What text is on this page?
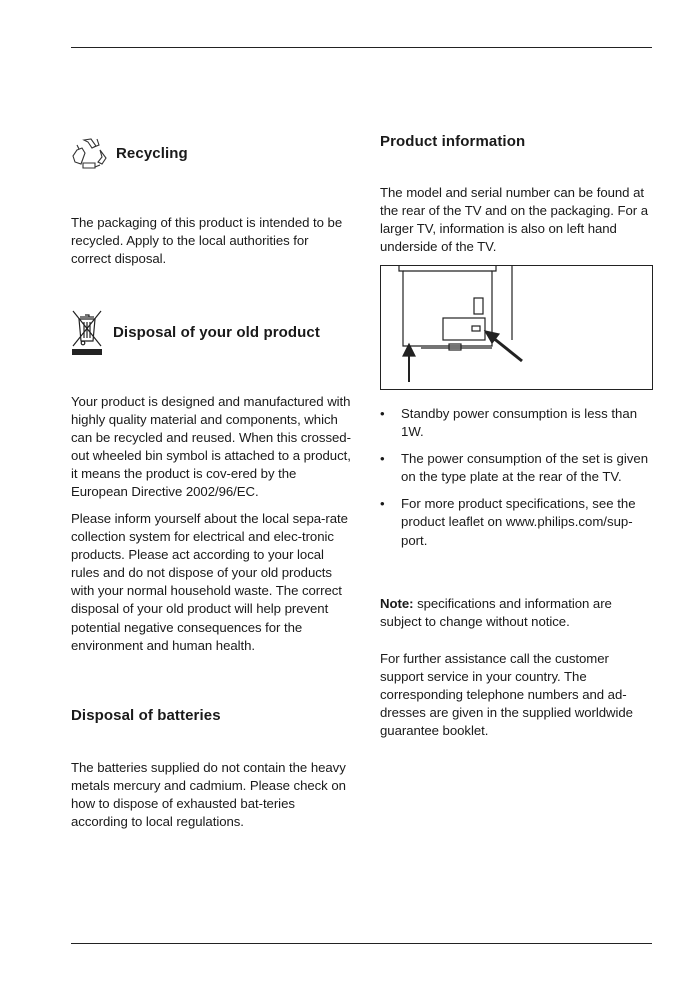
Recycling

The packaging of this product is intended to be recycled. Apply to the local authorities for correct disposal.

Disposal of your old product

Your product is designed and manufactured with highly quality material and components, which can be recycled and reused. When this crossed-out wheeled bin symbol is attached to a product, it means the product is cov-ered by the European Directive 2002/96/EC.

Please inform yourself about the local sepa-rate collection system for electrical and elec-tronic products. Please act according to your local rules and do not dispose of your old products with your normal household waste. The correct disposal of your old product will help prevent potential negative consequences for the environment and human health.

Disposal of batteries

The batteries supplied do not contain the heavy metals mercury and cadmium. Please check on how to dispose of exhausted bat-teries according to local regulations.

Product information

The model and serial number can be found at the rear of the TV and on the packaging. For a larger TV, information is also on left hand underside of the TV.

• Standby power consumption is less than 1W.
• The power consumption of the set is given on the type plate at the rear of the TV.
• For more product specifications, see the product leaflet on www.philips.com/sup-port.

Note: specifications and information are subject to change without notice.

For further assistance call the customer support service in your country. The corresponding telephone numbers and ad-dresses are given in the supplied worldwide guarantee booklet.
